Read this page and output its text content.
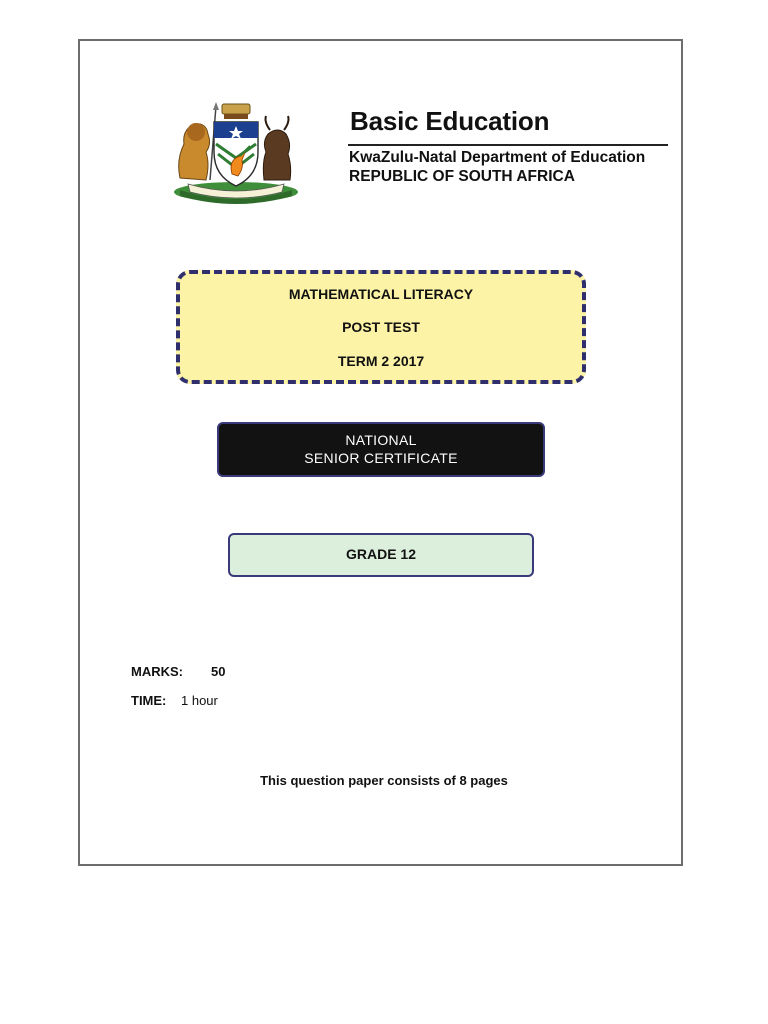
Basic Education
KwaZulu-Natal Department of Education
REPUBLIC OF SOUTH AFRICA
MATHEMATICAL LITERACY
POST TEST
TERM 2 2017
NATIONAL
SENIOR CERTIFICATE
GRADE 12
MARKS: 50
TIME: 1 hour
This question paper consists of 8 pages
